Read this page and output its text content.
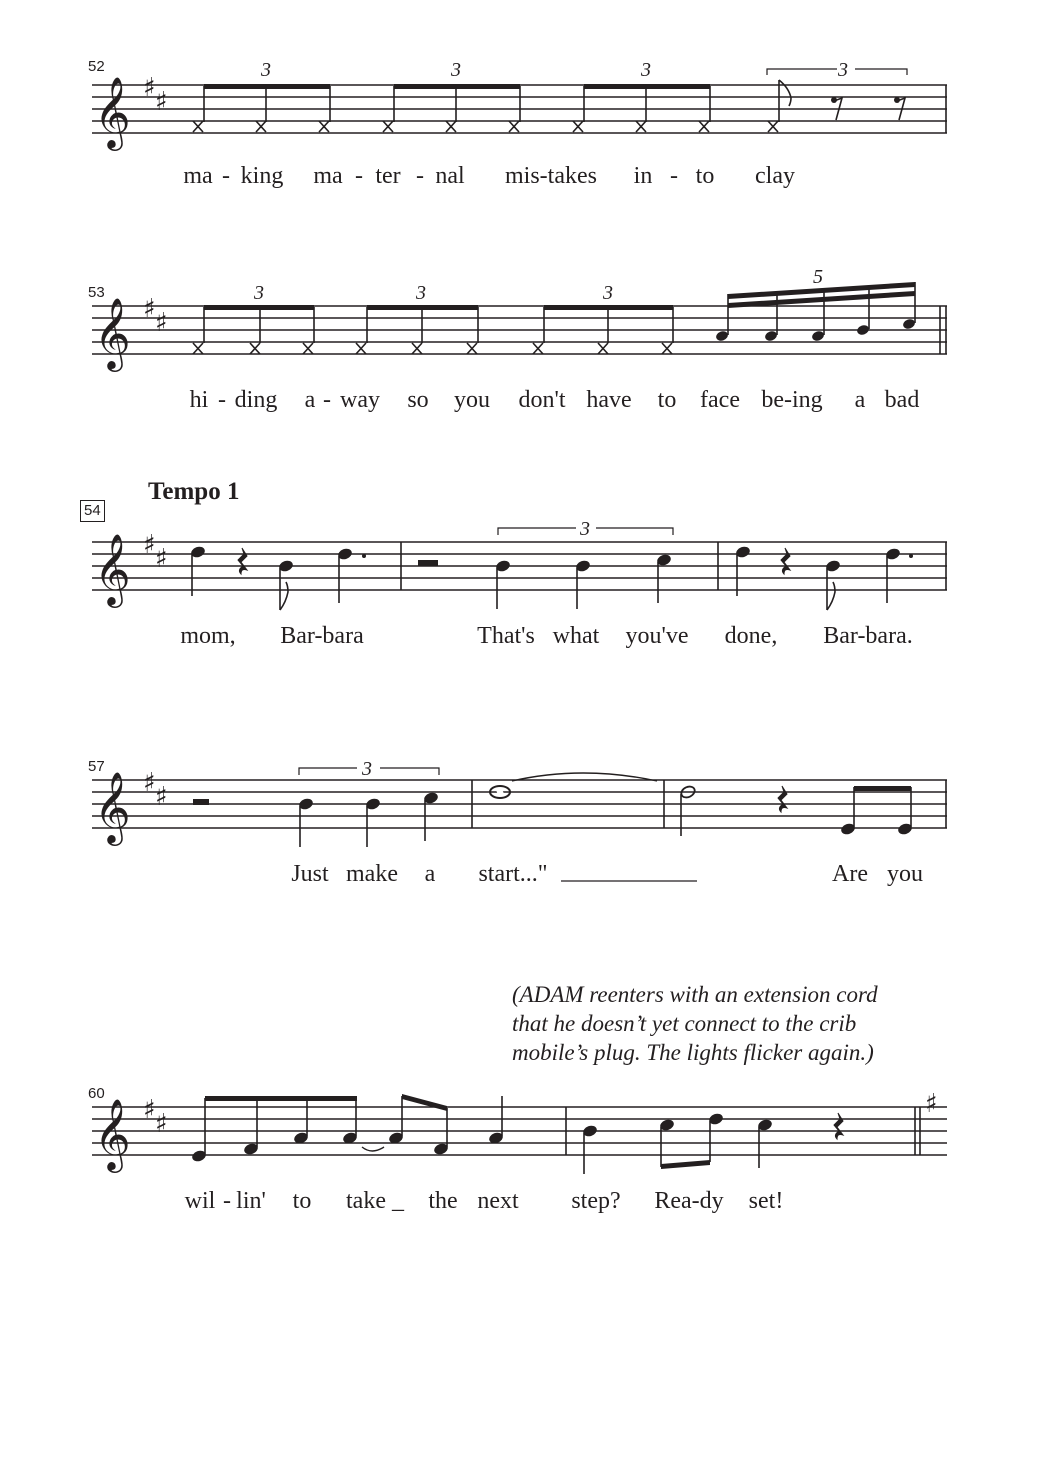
52
𝄞 ♯ ♯
3	3	3	3
ma - king ma - ter - nal mis-takes in - to clay
53
𝄞 ♯ ♯
3	3	3
5
hi - ding a - way so you don't have to face be-ing a bad
Tempo 1
54
𝄞 ♯ ♯
3
mom, Bar-bara	That's what you've done, Bar-bara.
57
𝄞 ♯ ♯
3
Just make a start..."	Are you
(ADAM reenters with an extension cord
that he doesn’t yet connect to the crib
mobile’s plug. The lights flicker again.)
60
𝄞 ♯ ♯
♯
wil - lin' to take _ the next step? Rea-dy set!
